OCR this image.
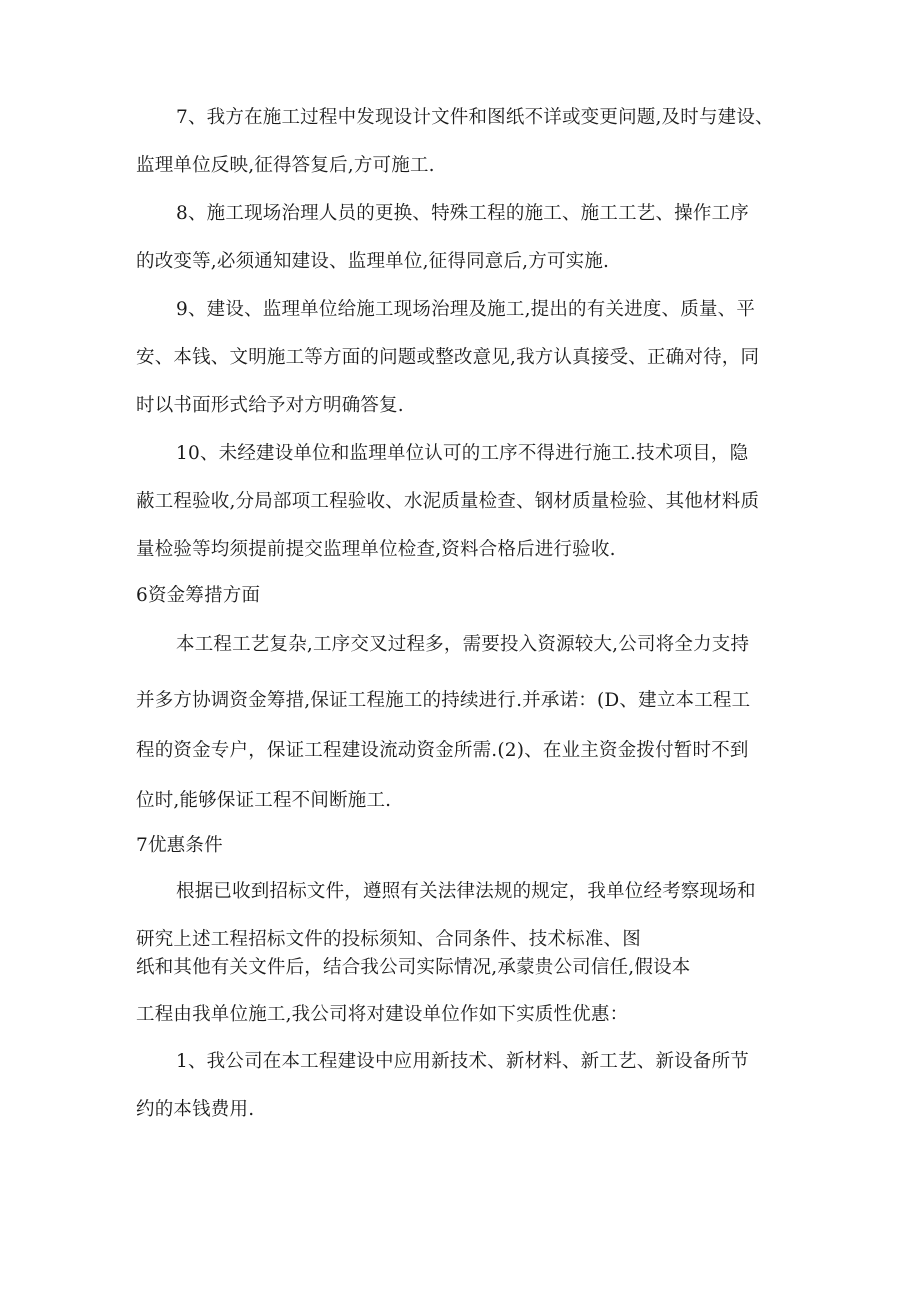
7、我方在施工过程中发现设计文件和图纸不详或变更问题,及时与建设、
监理单位反映,征得答复后,方可施工.
8、施工现场治理人员的更换、特殊工程的施工、施工工艺、操作工序
的改变等,必须通知建设、监理单位,征得同意后,方可实施.
9、建设、监理单位给施工现场治理及施工,提出的有关进度、质量、平
安、本钱、文明施工等方面的问题或整改意见,我方认真接受、正确对待，同
时以书面形式给予对方明确答复.
10、未经建设单位和监理单位认可的工序不得进行施工.技术项目，隐
蔽工程验收,分局部项工程验收、水泥质量检查、钢材质量检验、其他材料质
量检验等均须提前提交监理单位检查,资料合格后进行验收.
6资金筹措方面
本工程工艺复杂,工序交叉过程多，需要投入资源较大,公司将全力支持
并多方协调资金筹措,保证工程施工的持续进行.并承诺：(D、建立本工程工
程的资金专户，保证工程建设流动资金所需.(2)、在业主资金拨付暂时不到
位时,能够保证工程不间断施工.
7优惠条件
根据已收到招标文件，遵照有关法律法规的规定，我单位经考察现场和
研究上述工程招标文件的投标须知、合同条件、技术标准、图
纸和其他有关文件后，结合我公司实际情况,承蒙贵公司信任,假设本
工程由我单位施工,我公司将对建设单位作如下实质性优惠：
1、我公司在本工程建设中应用新技术、新材料、新工艺、新设备所节
约的本钱费用.
